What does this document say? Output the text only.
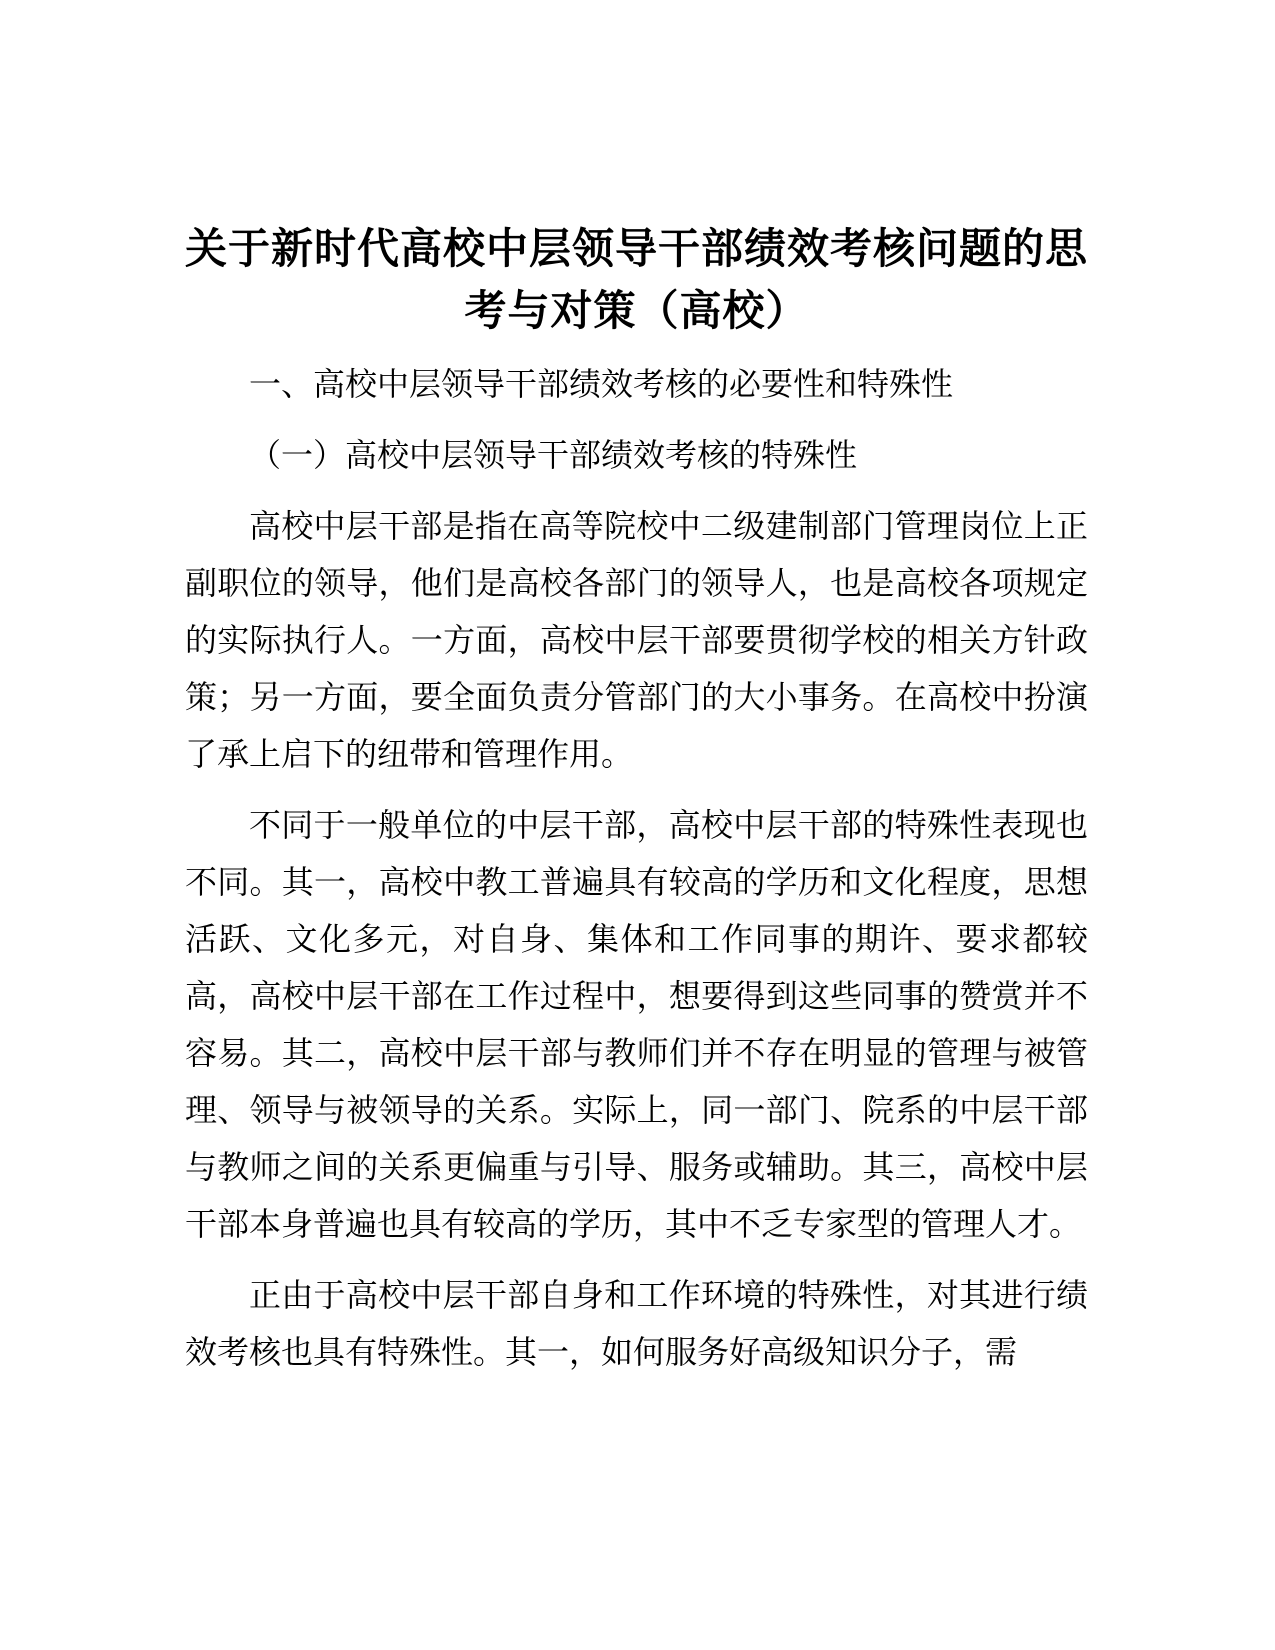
关于新时代高校中层领导干部绩效考核问题的思考与对策（高校）

一、高校中层领导干部绩效考核的必要性和特殊性

（一）高校中层领导干部绩效考核的特殊性

高校中层干部是指在高等院校中二级建制部门管理岗位上正副职位的领导，他们是高校各部门的领导人，也是高校各项规定的实际执行人。一方面，高校中层干部要贯彻学校的相关方针政策；另一方面，要全面负责分管部门的大小事务。在高校中扮演了承上启下的纽带和管理作用。

不同于一般单位的中层干部，高校中层干部的特殊性表现也不同。其一，高校中教工普遍具有较高的学历和文化程度，思想活跃、文化多元，对自身、集体和工作同事的期许、要求都较高，高校中层干部在工作过程中，想要得到这些同事的赞赏并不容易。其二，高校中层干部与教师们并不存在明显的管理与被管理、领导与被领导的关系。实际上，同一部门、院系的中层干部与教师之间的关系更偏重与引导、服务或辅助。其三，高校中层干部本身普遍也具有较高的学历，其中不乏专家型的管理人才。

正由于高校中层干部自身和工作环境的特殊性，对其进行绩效考核也具有特殊性。其一，如何服务好高级知识分子，需
